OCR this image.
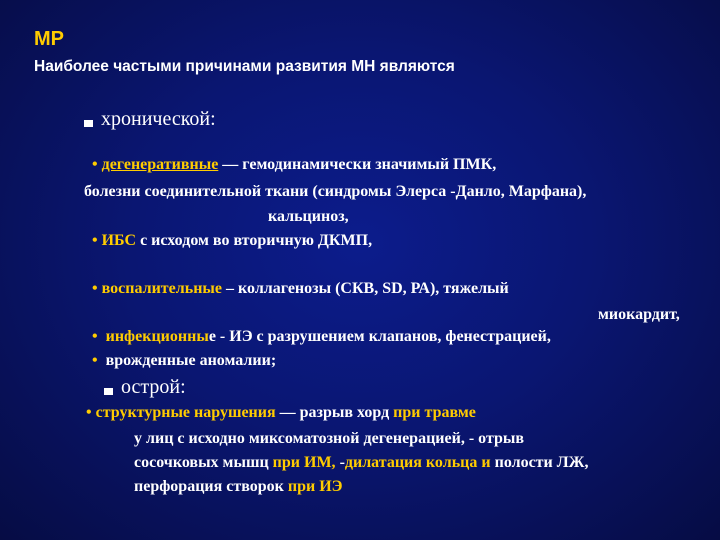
МР
Наиболее частыми причинами развития МН являются
хронической:
• дегенеративные — гемодинамически значимый ПМК,
болезни соединительной ткани (синдромы Элерса -Данло, Марфана),
кальциноз,
• ИБС с исходом во вторичную ДКМП,
• воспалительные – коллагенозы (СКВ, SD, РА), тяжелый
миокардит,
• инфекционные - ИЭ с разрушением клапанов, фенестрацией,
• врожденные аномалии;
острой:
• структурные нарушения — разрыв хорд при травме
у лиц с исходно миксоматозной дегенерацией, - отрыв
сосочковых мышц при ИМ, -дилатация кольца и полости ЛЖ,
перфорация створок при ИЭ
